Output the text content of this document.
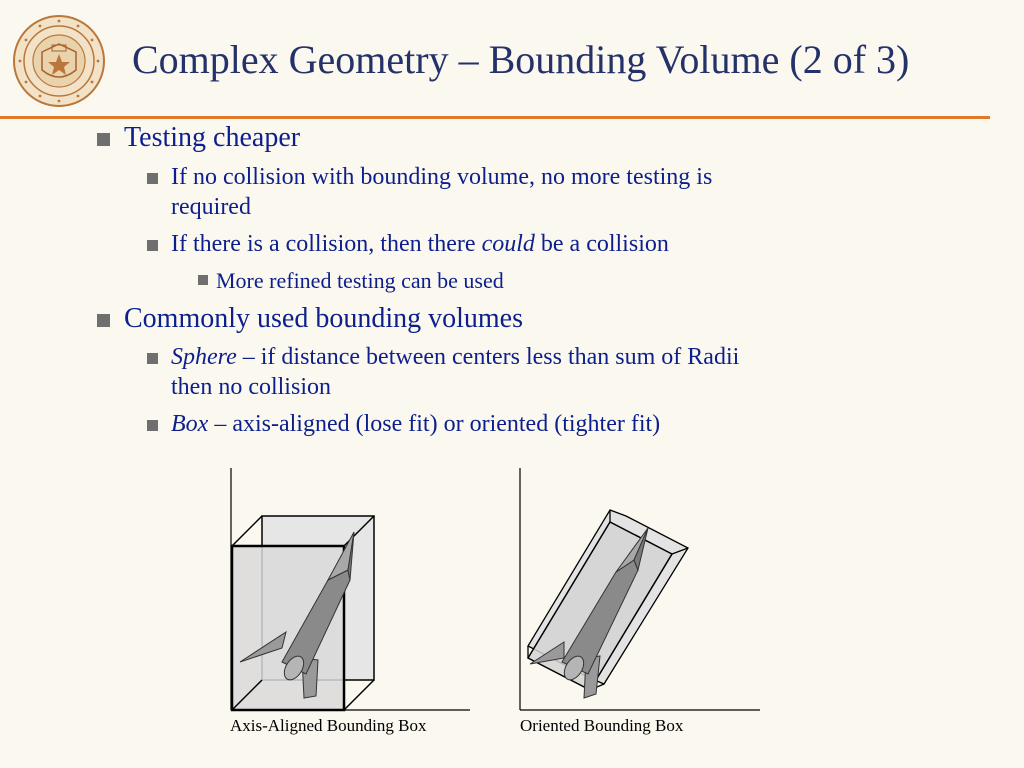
Complex Geometry – Bounding Volume (2 of 3)

Testing cheaper

If no collision with bounding volume, no more testing is

required

If there is a collision, then there could be a collision

More refined testing can be used

Commonly used bounding volumes

Sphere – if distance between centers less than sum of Radii

then no collision

Box – axis-aligned (lose fit) or oriented (tighter fit)

Axis-Aligned Bounding Box	Oriented Bounding Box
